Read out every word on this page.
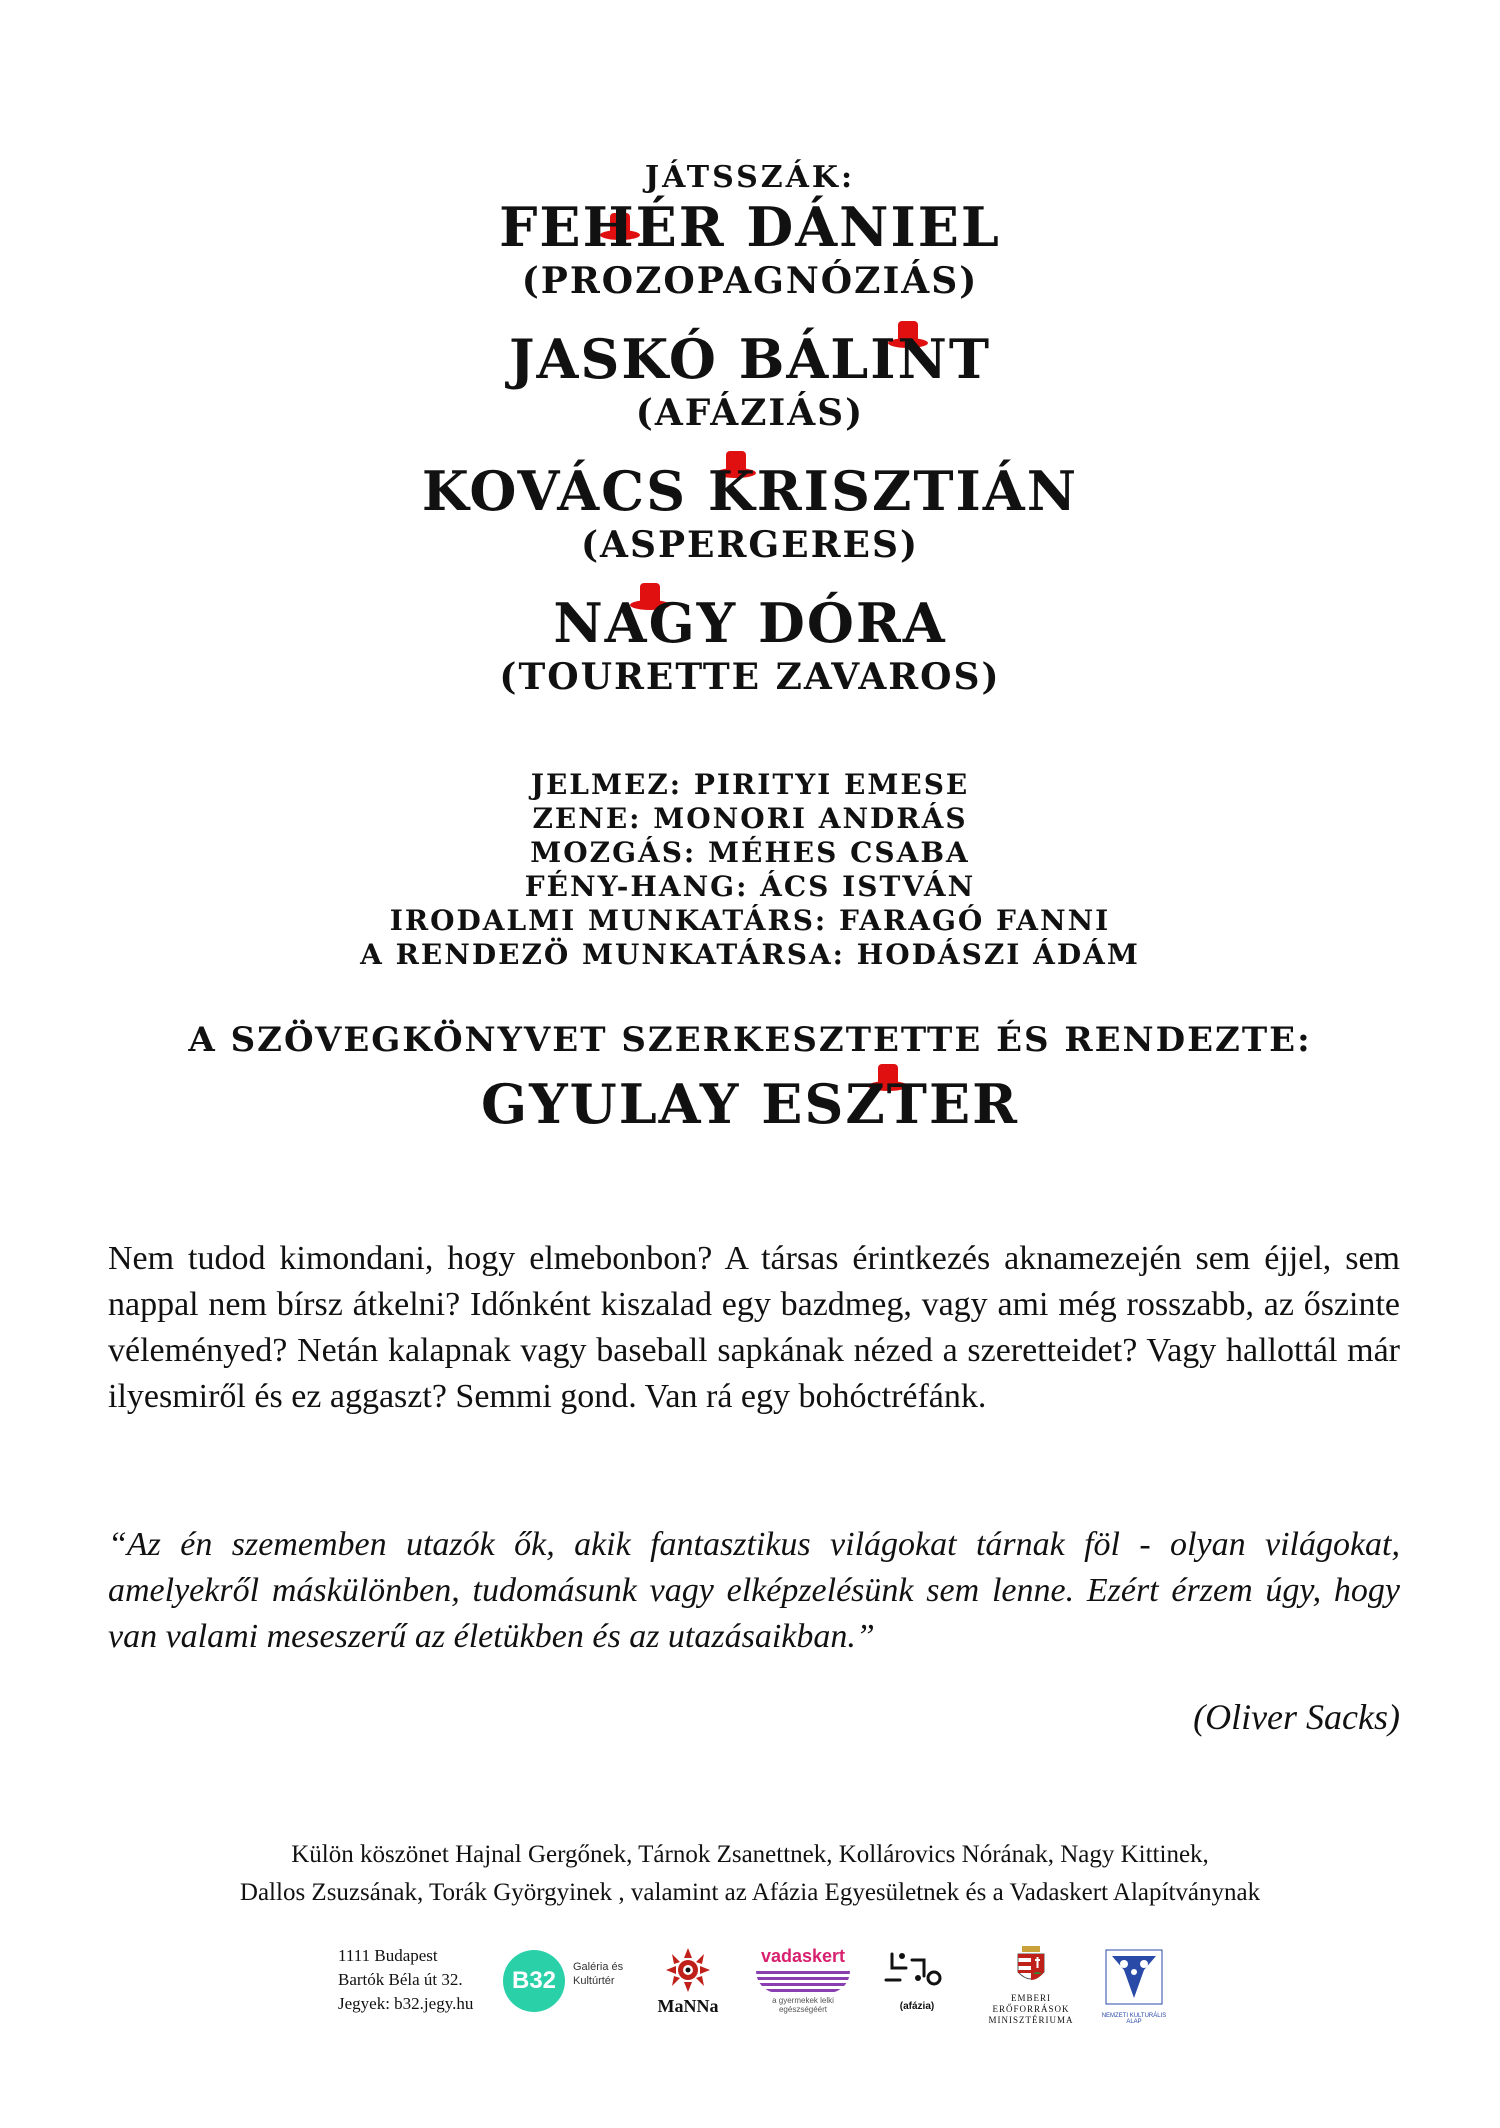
JÁTSSZÁK:

FEHÉR DÁNIEL

(PROZOPAGNÓZIÁS)

JASKÓ BÁLINT

(AFÁZIÁS)

KOVÁCS KRISZTIÁN

(ASPERGERES)

NAGY DÓRA

(TOURETTE ZAVAROS)

JELMEZ: PIRITYI EMESE

ZENE: MONORI ANDRÁS

MOZGÁS: MÉHES CSABA

FÉNY-HANG: ÁCS ISTVÁN

IRODALMI MUNKATÁRS: FARAGÓ FANNI

A RENDEZÖ MUNKATÁRSA: HODÁSZI ÁDÁM

A SZÖVEGKÖNYVET SZERKESZTETTE ÉS RENDEZTE:

GYULAY ESZTER

Nem tudod kimondani, hogy elmebonbon? A társas érintkezés aknamezején sem éjjel, sem nappal nem bírsz átkelni? Időnként kiszalad egy bazdmeg, vagy ami még rosszabb, az őszinte véleményed? Netán kalapnak vagy baseball sapkának nézed a szeretteidet? Vagy hallottál már ilyesmiről és ez aggaszt? Semmi gond. Van rá egy bohóctréfánk.

“Az én szememben utazók ők, akik fantasztikus világokat tárnak föl - olyan világokat, amelyekről máskülönben, tudomásunk vagy elképzelésünk sem lenne. Ezért érzem úgy, hogy van valami meseszerű az életükben és az utazásaikban.”

(Oliver Sacks)

Külön köszönet Hajnal Gergőnek, Tárnok Zsanettnek, Kollárovics Nórának, Nagy Kittinek,
Dallos Zsuzsának, Torák Györgyinek , valamint az Afázia Egyesületnek és a Vadaskert Alapítványnak
1111 Budapest
Bartók Béla út 32.
Jegyek: b32.jegy.hu
B32 Galéria és
Kultúrtér
MaNNa
vadaskert
a gyermekek lelki egészségéért	(afázia)
EMBERI ERŐFORRÁSOK
MINISZTÉRIUMA	NEMZETI KULTURÁLIS ALAP
